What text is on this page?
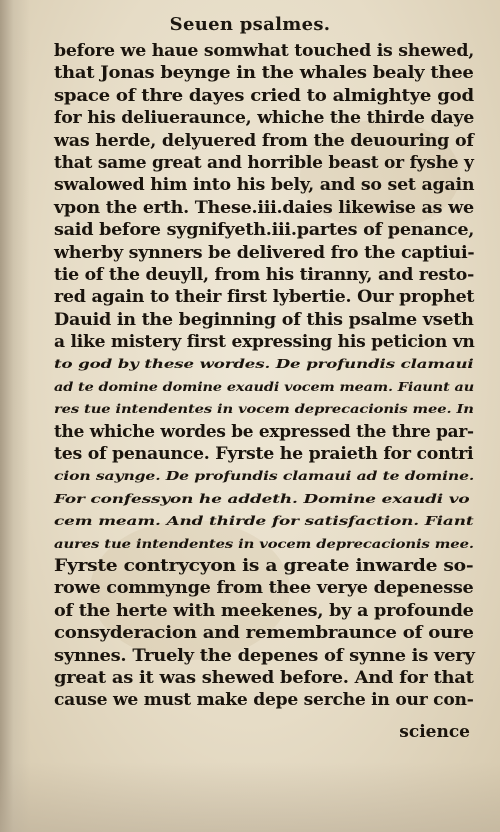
Seuen psalmes.
before we haue somwhat touched is shewed,
that Jonas beynge in the whales bealy thee
space of thre dayes cried to almightye god
for his deliueraunce, whiche the thirde daye
was herde, delyuered from the deuouring of
that same great and horrible beast or fyshe y
swalowed him into his bely, and so set again
vpon the erth. These.iii.daies likewise as we
said before sygnifyeth.iii.partes of penance,
wherby synners be delivered fro the captiui-
tie of the deuyll, from his tiranny, and resto-
red again to their first lybertie. Our prophet
Dauid in the beginning of this psalme vseth
a like mistery first expressing his peticion vn
to god by these wordes. De profundis clamaui
ad te domine domine exaudi vocem meam. Fiaunt au
res tue intendentes in vocem deprecacionis mee. In
the whiche wordes be expressed the thre par-
tes of penaunce. Fyrste he praieth for contri
cion saynge. De profundis clamaui ad te domine.
For confessyon he addeth. Domine exaudi vo
cem meam. And thirde for satisfaction. Fiant
aures tue intendentes in vocem deprecacionis mee.
Fyrste contrycyon is a greate inwarde so-
rowe commynge from thee verye depenesse
of the herte with meekenes, by a profounde
consyderacion and remembraunce of oure
synnes. Truely the depenes of synne is very
great as it was shewed before. And for that
cause we must make depe serche in our con-
science
